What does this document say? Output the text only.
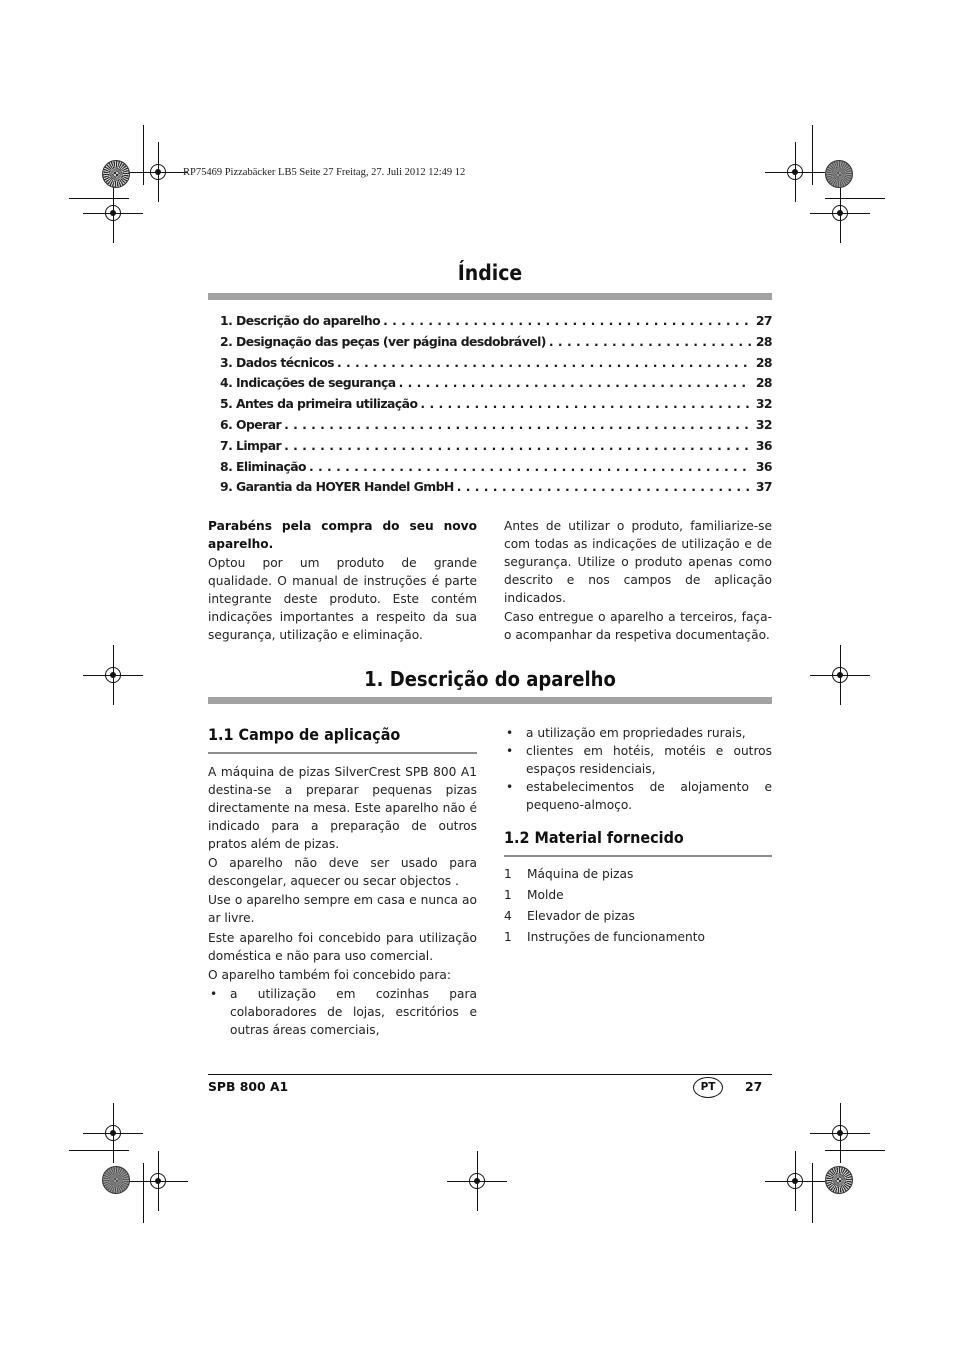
RP75469 Pizzabäcker LB5 Seite 27 Freitag, 27. Juli 2012 12:49 12
Índice
1. Descrição do aparelho . . .	27
2. Designação das peças (ver página desdobrável) . . .	28
3. Dados técnicos . . .	28
4. Indicações de segurança . . .	28
5. Antes da primeira utilização . . .	32
6. Operar . . .	32
7. Limpar . . .	36
8. Eliminação . . .	36
9. Garantia da HOYER Handel GmbH . . .	37

Parabéns pela compra do seu novo aparelho.

Optou por um produto de grande qualidade. O manual de instruções é parte integrante deste produto. Este contém indicações importantes a respeito da sua segurança, utilização e eliminação.

Antes de utilizar o produto, familiarize-se com todas as indicações de utilização e de segurança. Utilize o produto apenas como descrito e nos campos de aplicação indicados.

Caso entregue o aparelho a terceiros, faça-o acompanhar da respetiva documentação.

1. Descrição do aparelho
1.1 Campo de aplicação

A máquina de pizas SilverCrest SPB 800 A1 destina-se a preparar pequenas pizas directamente na mesa. Este aparelho não é indicado para a preparação de outros pratos além de pizas.

O aparelho não deve ser usado para descongelar, aquecer ou secar objectos .

Use o aparelho sempre em casa e nunca ao ar livre.

Este aparelho foi concebido para utilização doméstica e não para uso comercial.

O aparelho também foi concebido para:

• a utilização em cozinhas para colaboradores de lojas, escritórios e outras áreas comerciais,
• a utilização em propriedades rurais,
• clientes em hotéis, motéis e outros espaços residenciais,
• estabelecimentos de alojamento e pequeno-almoço.
1.2 Material fornecido
1	Máquina de pizas
1	Molde
4	Elevador de pizas
1	Instruções de funcionamento
SPB 800 A1	PT	27
